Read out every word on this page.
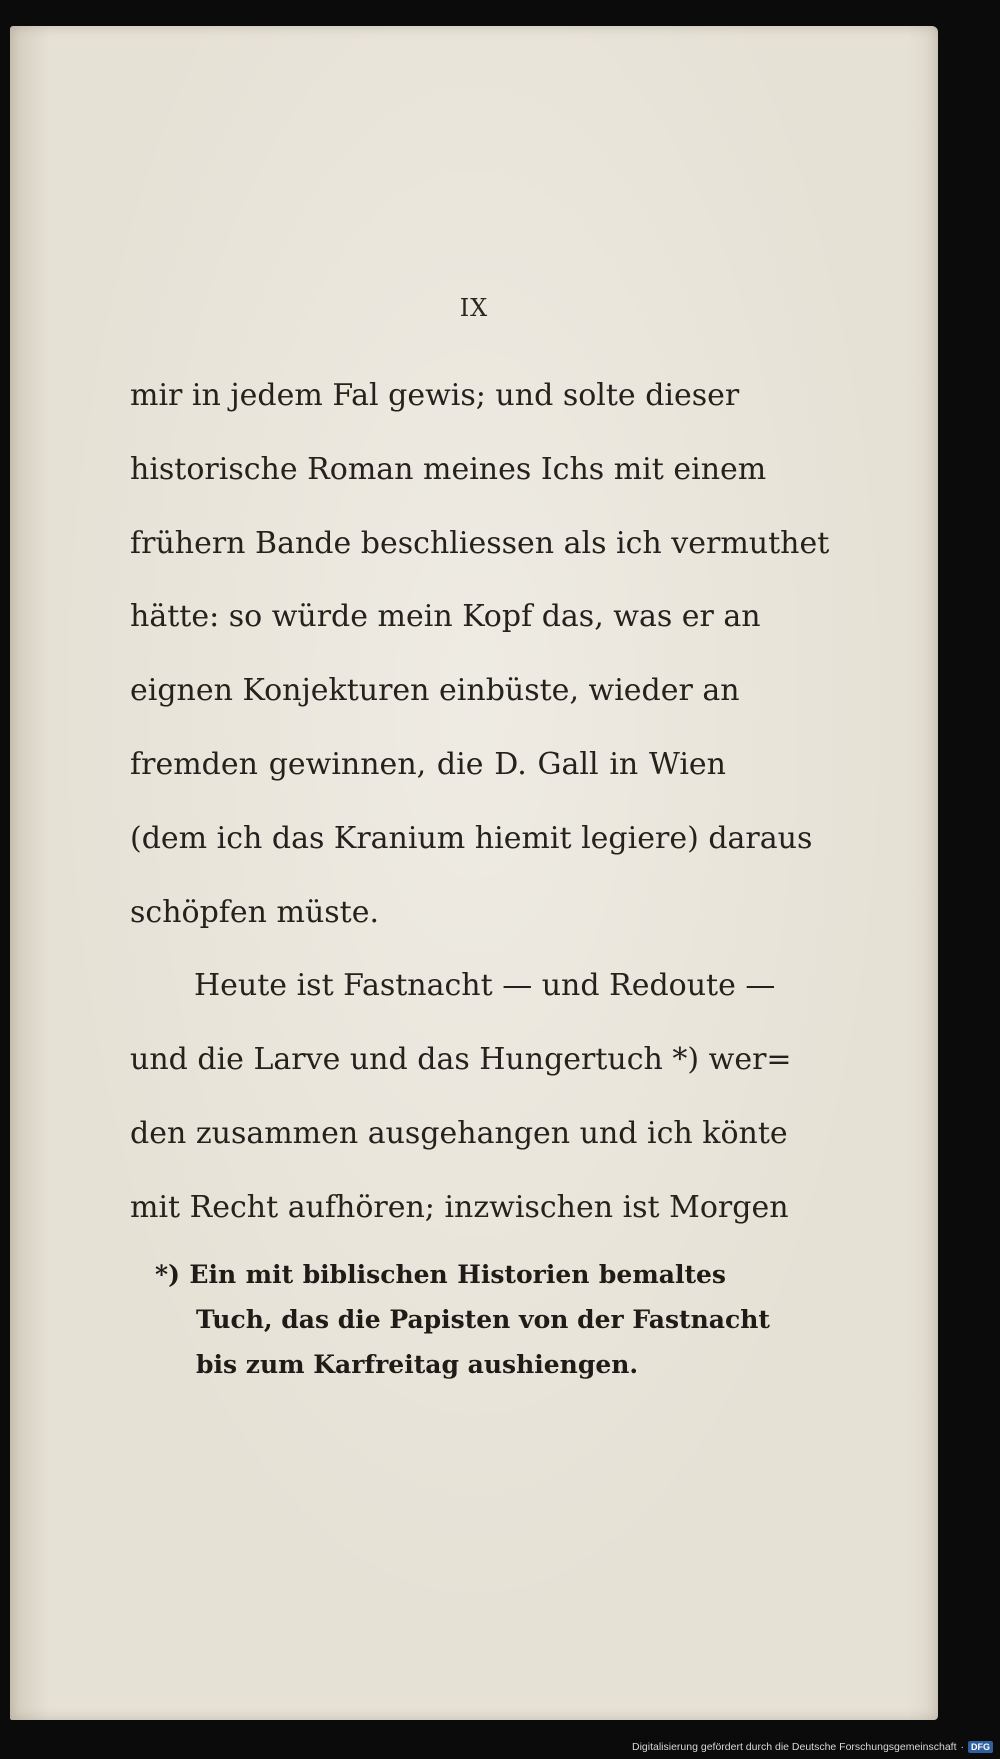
IX
mir in jedem Fal gewis; und solte dieser
historische Roman meines Ichs mit einem
frühern Bande beschliessen als ich vermuthet
hätte: so würde mein Kopf das, was er an
eignen Konjekturen einbüste, wieder an
fremden gewinnen, die D. Gall in Wien
(dem ich das Kranium hiemit legiere) daraus
schöpfen müste.
Heute ist Fastnacht — und Redoute —
und die Larve und das Hungertuch *) wer=
den zusammen ausgehangen und ich könte
mit Recht aufhören; inzwischen ist Morgen
*) Ein mit biblischen Historien bemaltes
Tuch, das die Papisten von der Fastnacht
bis zum Karfreitag aushiengen.
Digitalisierung gefördert durch die Deutsche Forschungsgemeinschaft · DFG
